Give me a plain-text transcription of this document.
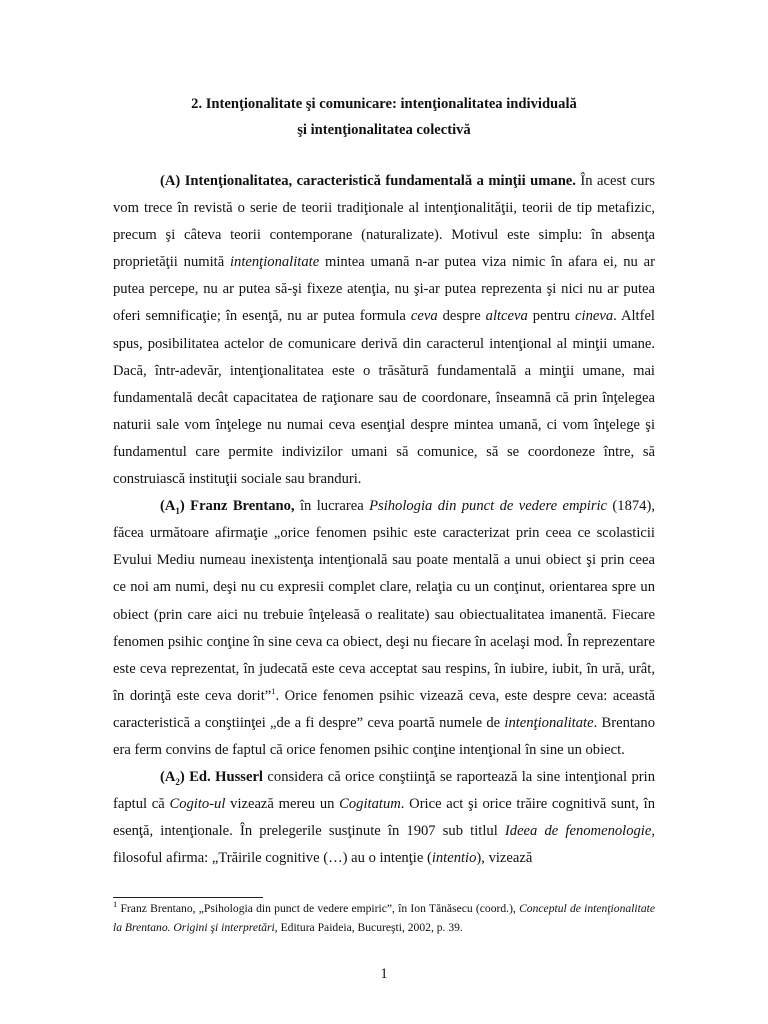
2. Intenţionalitate şi comunicare: intenţionalitatea individuală
şi intenţionalitatea colectivă

(A) Intenţionalitatea, caracteristică fundamentală a minţii umane. În acest curs vom trece în revistă o serie de teorii tradiţionale al intenţionalităţii, teorii de tip metafizic, precum şi câteva teorii contemporane (naturalizate). Motivul este simplu: în absenţa proprietăţii numită intenţionalitate mintea umană n-ar putea viza nimic în afara ei, nu ar putea percepe, nu ar putea să-şi fixeze atenţia, nu şi-ar putea reprezenta şi nici nu ar putea oferi semnificaţie; în esenţă, nu ar putea formula ceva despre altceva pentru cineva. Altfel spus, posibilitatea actelor de comunicare derivă din caracterul intenţional al minţii umane. Dacă, într-adevăr, intenţionalitatea este o trăsătură fundamentală a minţii umane, mai fundamentală decât capacitatea de raţionare sau de coordonare, înseamnă că prin înţelegea naturii sale vom înţelege nu numai ceva esenţial despre mintea umană, ci vom înţelege şi fundamentul care permite indivizilor umani să comunice, să se coordoneze între, să construiască instituţii sociale sau branduri.

$(A_1)$ Franz Brentano, în lucrarea Psihologia din punct de vedere empiric (1874), făcea următoare afirmaţie „orice fenomen psihic este caracterizat prin ceea ce scolasticii Evului Mediu numeau inexistenţa intenţională sau poate mentală a unui obiect şi prin ceea ce noi am numi, deşi nu cu expresii complet clare, relaţia cu un conţinut, orientarea spre un obiect (prin care aici nu trebuie înţeleasă o realitate) sau obiectualitatea imanentă. Fiecare fenomen psihic conţine în sine ceva ca obiect, deşi nu fiecare în acelaşi mod. În reprezentare este ceva reprezentat, în judecată este ceva acceptat sau respins, în iubire, iubit, în ură, urât, în dorinţă este ceva dorit”$^1$. Orice fenomen psihic vizează ceva, este despre ceva: această caracteristică a conştiinţei „de a fi despre” ceva poartă numele de intenţionalitate. Brentano era ferm convins de faptul că orice fenomen psihic conţine intenţional în sine un obiect.

$(A_2)$ Ed. Husserl considera că orice conştiinţă se raportează la sine intenţional prin faptul că Cogito-ul vizează mereu un Cogitatum. Orice act şi orice trăire cognitivă sunt, în esenţă, intenţionale. În prelegerile susţinute în 1907 sub titlul Ideea de fenomenologie, filosoful afirma: „Trăirile cognitive (…) au o intenţie (intentio), vizează

$^1$ Franz Brentano, „Psihologia din punct de vedere empiric”, în Ion Tănăsecu (coord.), Conceptul de intenţionalitate la Brentano. Origini şi interpretări, Editura Paideia, Bucureşti, 2002, p. 39.

1
